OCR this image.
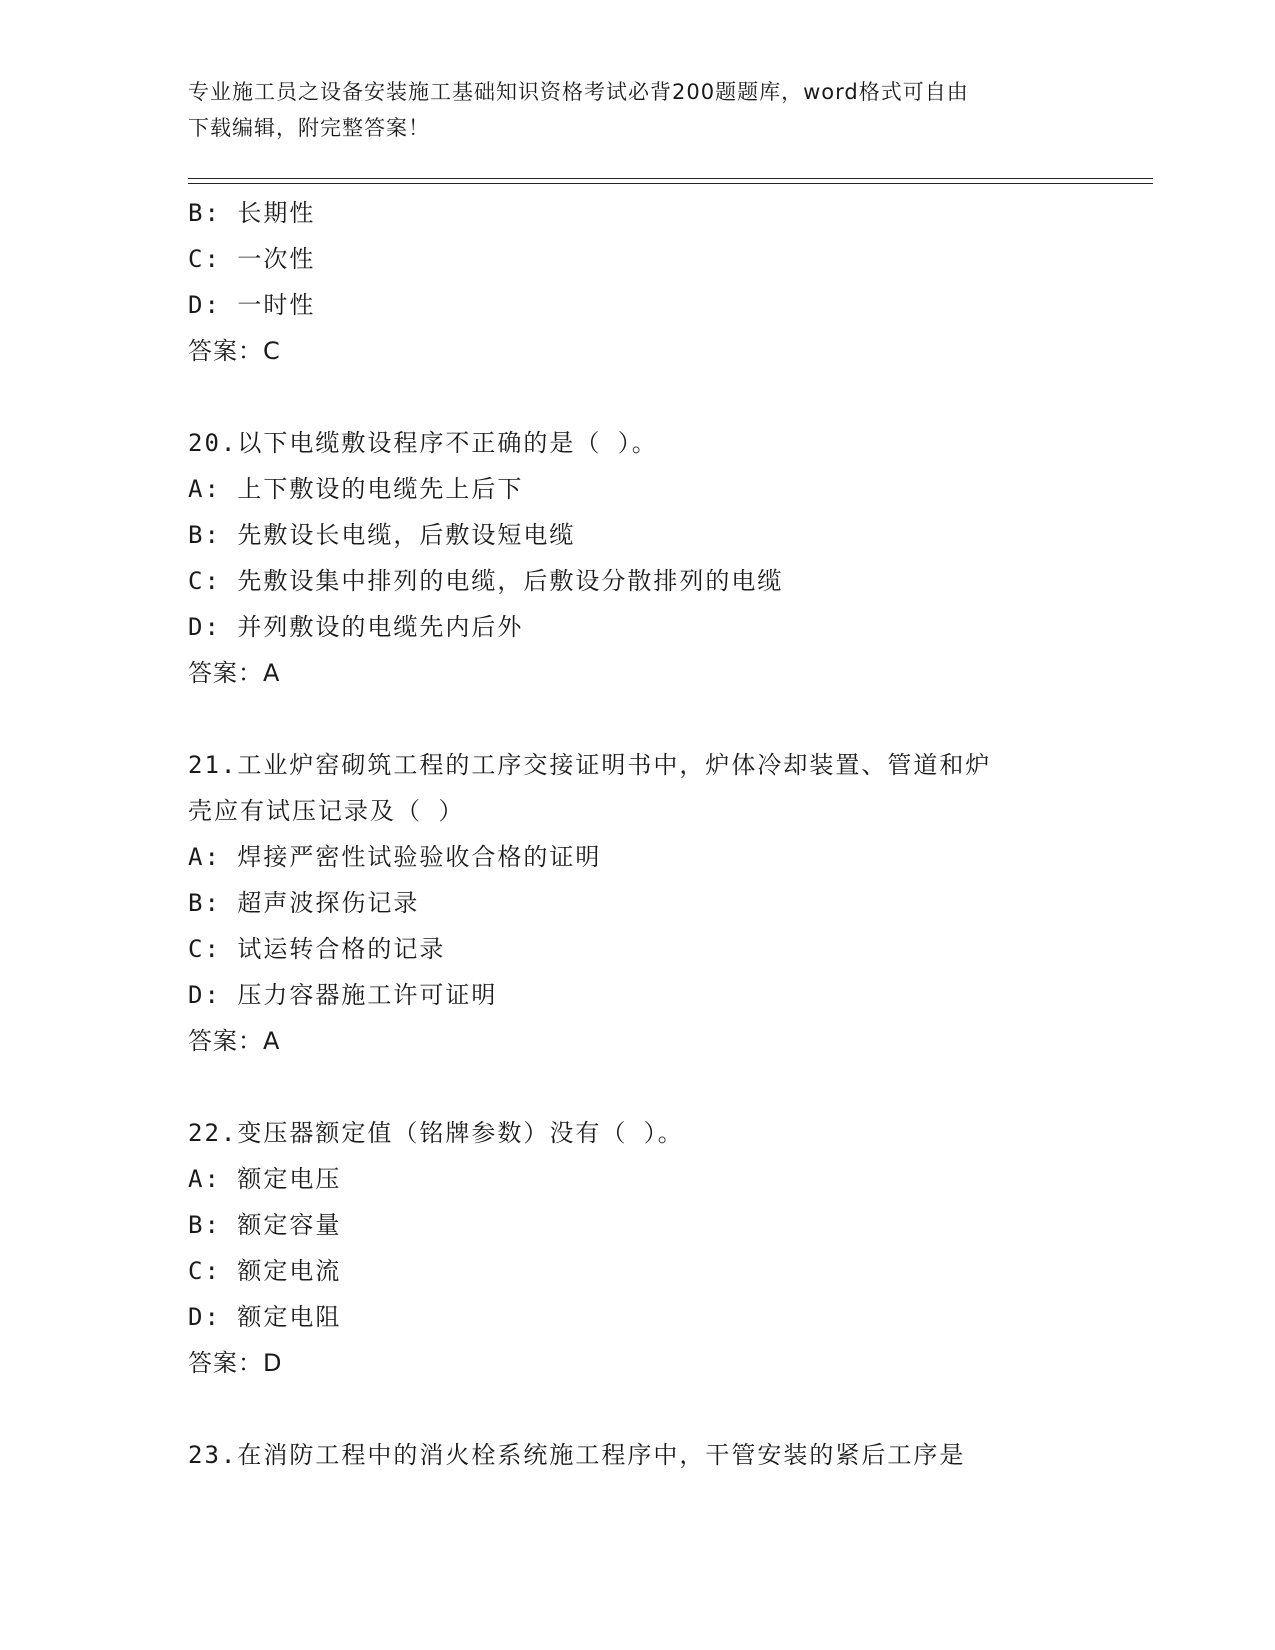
专业施工员之设备安装施工基础知识资格考试必背200题题库，word格式可自由
下载编辑，附完整答案！
B: 长期性
C: 一次性
D: 一时性
答案：C
20.以下电缆敷设程序不正确的是（ ）。
A: 上下敷设的电缆先上后下
B: 先敷设长电缆，后敷设短电缆
C: 先敷设集中排列的电缆，后敷设分散排列的电缆
D: 并列敷设的电缆先内后外
答案：A
21.工业炉窑砌筑工程的工序交接证明书中，炉体冷却装置、管道和炉
壳应有试压记录及（ ）
A: 焊接严密性试验验收合格的证明
B: 超声波探伤记录
C: 试运转合格的记录
D: 压力容器施工许可证明
答案：A
22.变压器额定值（铭牌参数）没有（ ）。
A: 额定电压
B: 额定容量
C: 额定电流
D: 额定电阻
答案：D
23.在消防工程中的消火栓系统施工程序中，干管安装的紧后工序是
